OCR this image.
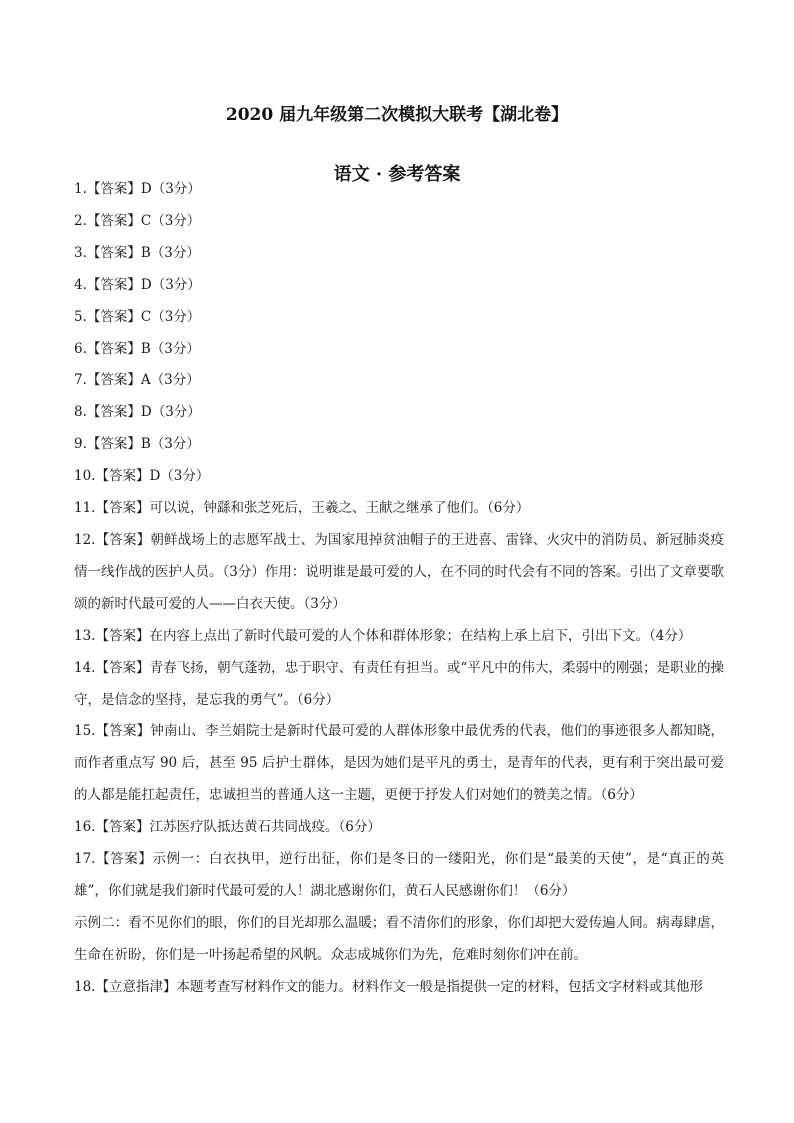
2020 届九年级第二次模拟大联考【湖北卷】
语文 · 参考答案

1.【答案】D（3分）

2.【答案】C（3分）

3.【答案】B（3分）

4.【答案】D（3分）

5.【答案】C（3分）

6.【答案】B（3分）

7.【答案】A（3分）

8.【答案】D（3分）

9.【答案】B（3分）

10.【答案】D（3分）

11.【答案】可以说，钟繇和张芝死后，王羲之、王献之继承了他们。（6分）

12.【答案】朝鲜战场上的志愿军战士、为国家甩掉贫油帽子的王进喜、雷锋、火灾中的消防员、新冠肺炎疫情一线作战的医护人员。（3分）作用：说明谁是最可爱的人，在不同的时代会有不同的答案。引出了文章要歌颂的新时代最可爱的人——白衣天使。（3分）

13.【答案】在内容上点出了新时代最可爱的人个体和群体形象；在结构上承上启下，引出下文。（4分）

14.【答案】青春飞扬，朝气蓬勃，忠于职守、有责任有担当。或“平凡中的伟大，柔弱中的刚强；是职业的操守，是信念的坚持，是忘我的勇气”。（6分）

15.【答案】钟南山、李兰娟院士是新时代最可爱的人群体形象中最优秀的代表，他们的事迹很多人都知晓，而作者重点写 90 后，甚至 95 后护士群体，是因为她们是平凡的勇士，是青年的代表，更有利于突出最可爱的人都是能扛起责任，忠诚担当的普通人这一主题，更便于抒发人们对她们的赞美之情。（6分）

16.【答案】江苏医疗队抵达黄石共同战疫。（6分）

17.【答案】示例一：白衣执甲，逆行出征，你们是冬日的一缕阳光，你们是“最美的天使”，是“真正的英雄”，你们就是我们新时代最可爱的人！湖北感谢你们，黄石人民感谢你们！（6分）

示例二：看不见你们的眼，你们的目光却那么温暖；看不清你们的形象，你们却把大爱传遍人间。病毒肆虐，生命在祈盼，你们是一叶扬起希望的风帆。众志成城你们为先，危难时刻你们冲在前。

18.【立意指津】本题考查写材料作文的能力。材料作文一般是指提供一定的材料，包括文字材料或其他形
